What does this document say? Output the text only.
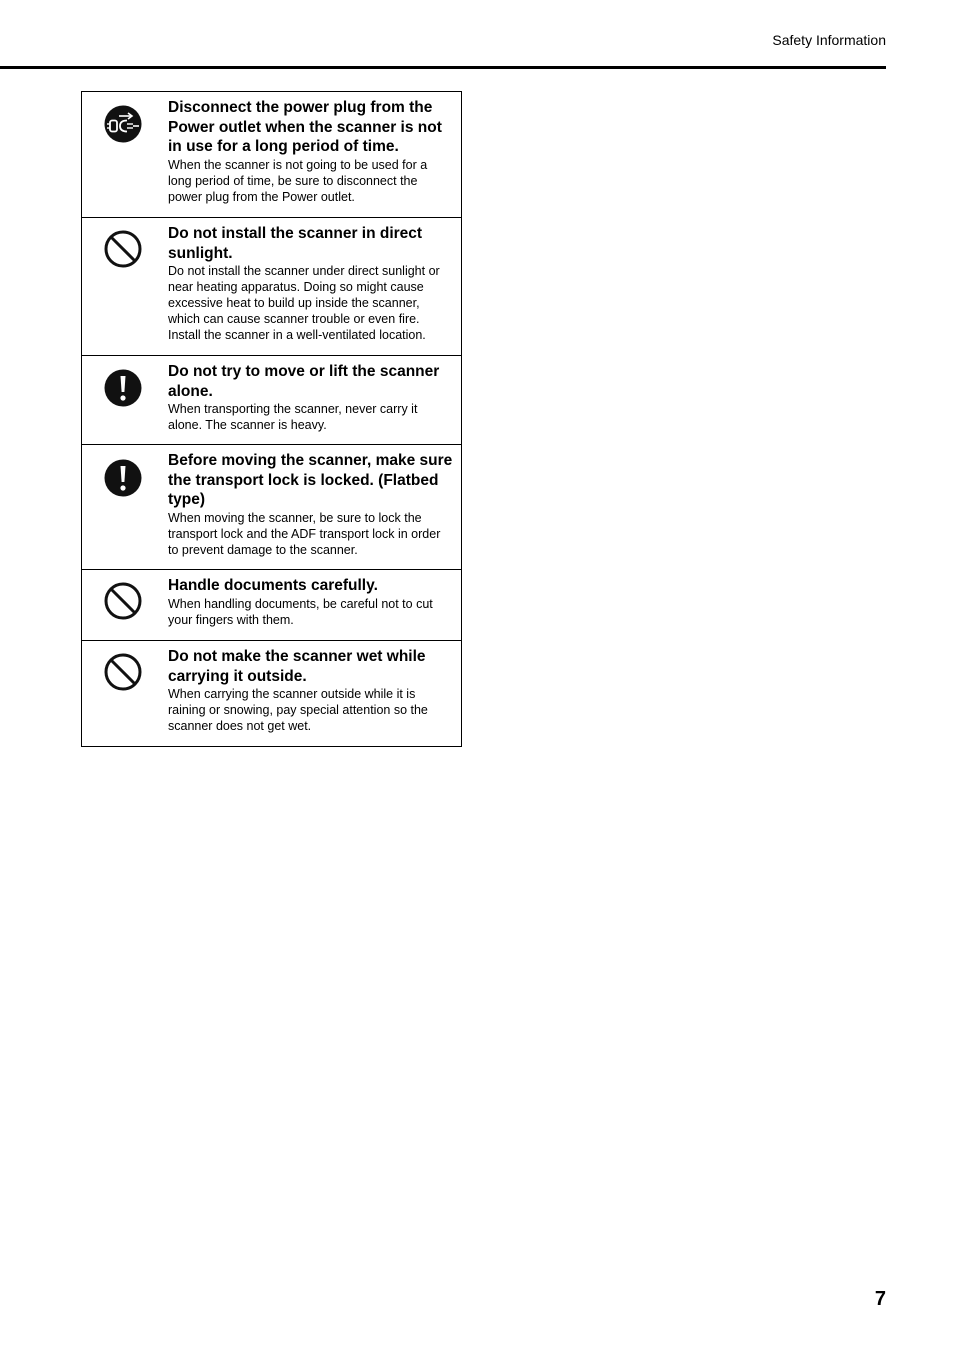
Safety Information
Disconnect the power plug from the Power outlet when the scanner is not in use for a long period of time.
When the scanner is not going to be used for a long period of time, be sure to disconnect the power plug from the Power outlet.
Do not install the scanner in direct sunlight.
Do not install the scanner under direct sunlight or near heating apparatus. Doing so might cause excessive heat to build up inside the scanner, which can cause scanner trouble or even fire. Install the scanner in a well-ventilated location.
Do not try to move or lift the scanner alone.
When transporting the scanner, never carry it alone. The scanner is heavy.
Before moving the scanner, make sure the transport lock is locked. (Flatbed type)
When moving the scanner, be sure to lock the transport lock and the ADF transport lock in order to prevent damage to the scanner.
Handle documents carefully.
When handling documents, be careful not to cut your fingers with them.
Do not make the scanner wet while carrying it outside.
When carrying the scanner outside while it is raining or snowing, pay special attention so the scanner does not get wet.
7
